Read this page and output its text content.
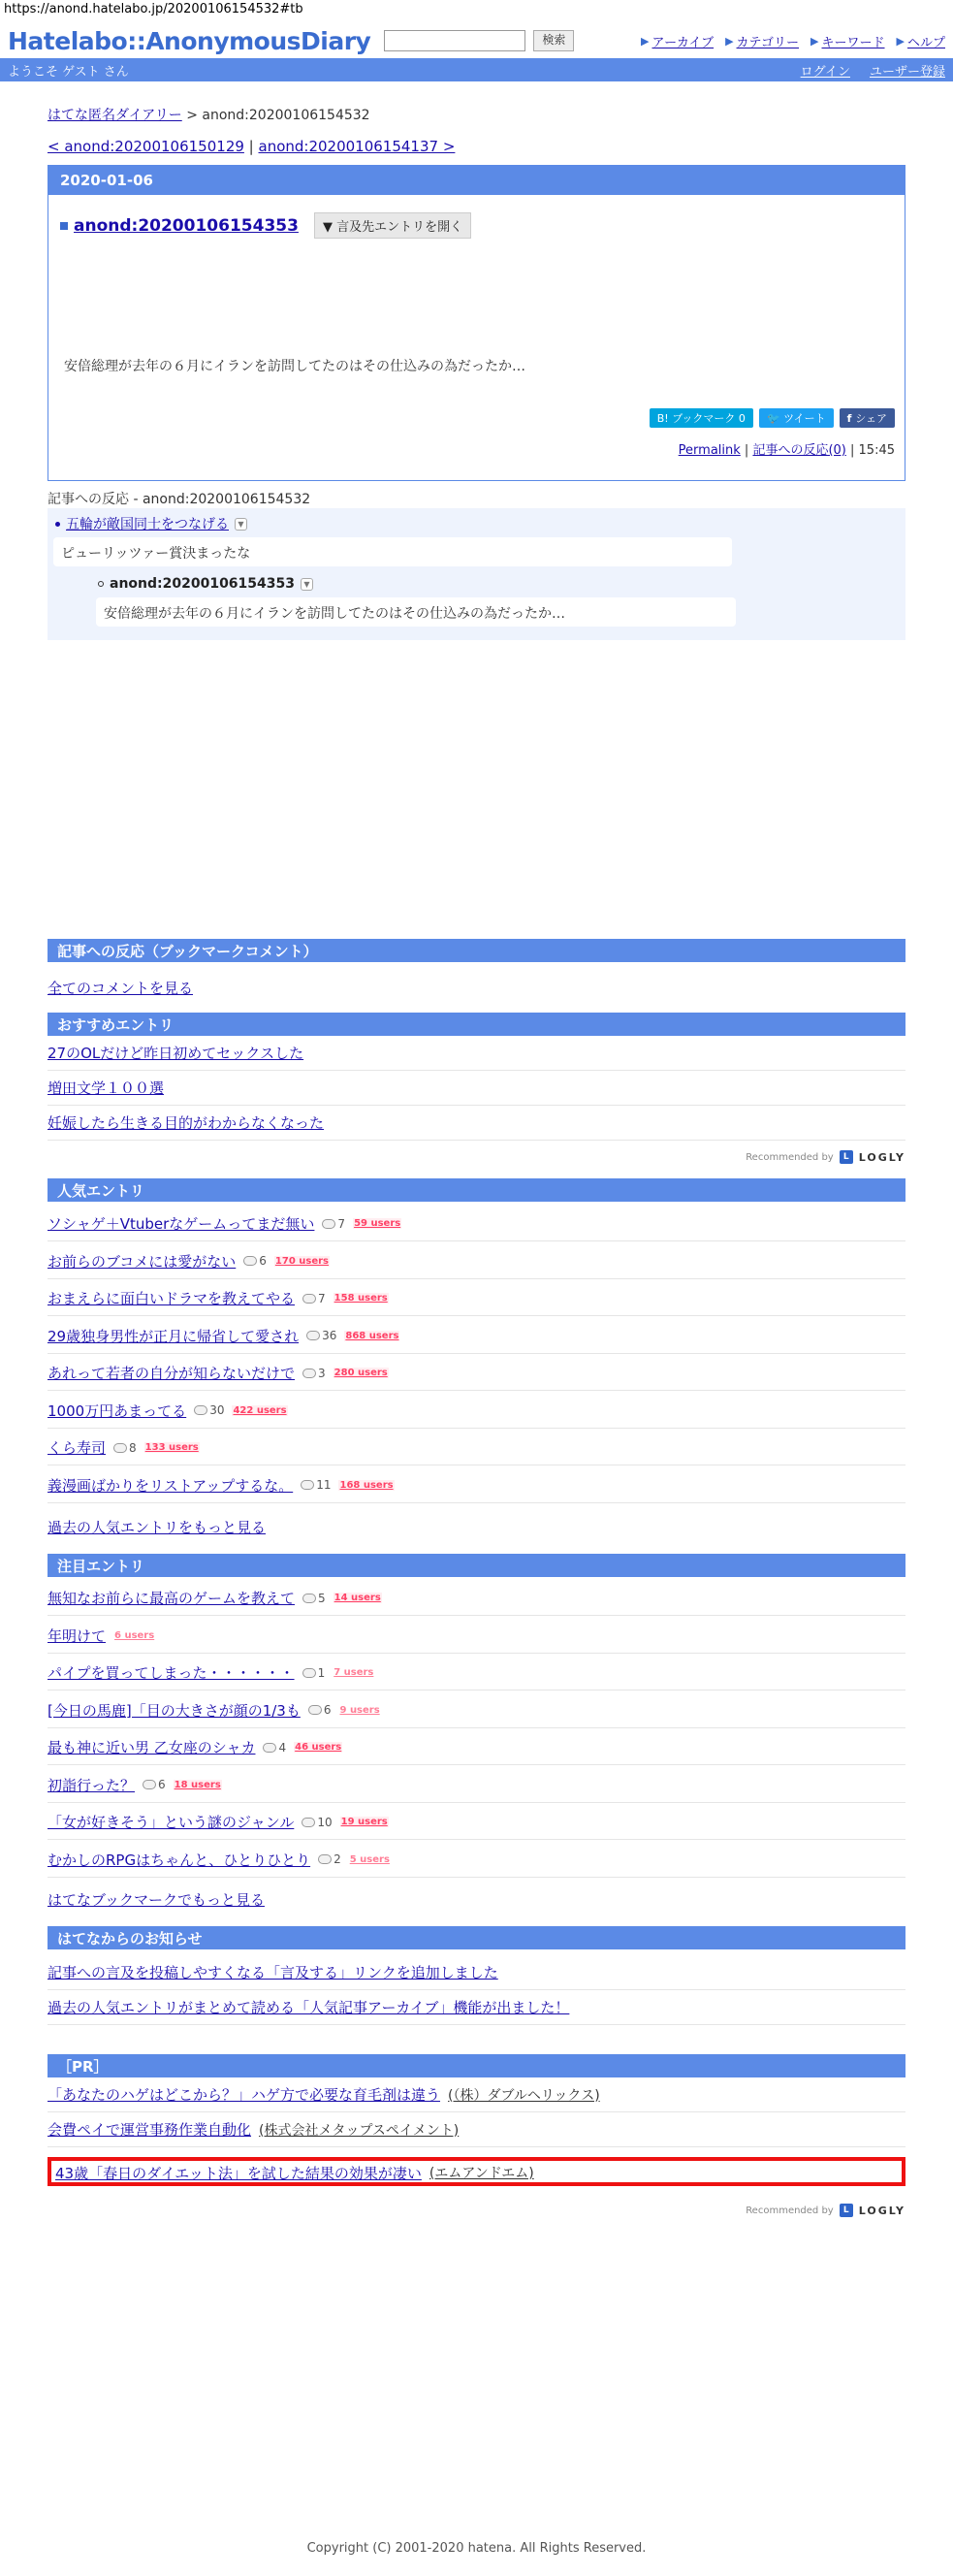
https://anond.hatelabo.jp/20200106154532#tb
Hatelabo::AnonymousDiary	検索	▶ アーカイブ ▶ カテゴリー ▶ キーワード ▶ ヘルプ
ようこそ ゲスト さん	ログイン ユーザー登録
はてな匿名ダイアリー > anond:20200106154532
< anond:20200106150129 | anond:20200106154137 >
2020-01-06
anond:20200106154353	▼ 言及先エントリを開く
安倍総理が去年の６月にイランを訪問してたのはその仕込みの為だったか…
B! ブックマーク 0	🐦 ツイート f シェア
Permalink | 記事への反応(0) | 15:45
記事への反応 - anond:20200106154532
五輪が敵国同士をつなげる	▼
ピューリッツァー賞決まったな
anond:20200106154353	▼
安倍総理が去年の６月にイランを訪問してたのはその仕込みの為だったか…
記事への反応（ブックマークコメント）
全てのコメントを見る
おすすめエントリ
27のOLだけど昨日初めてセックスした
増田文学１００選
妊娠したら生きる目的がわからなくなった
Recommended by	L LOGLY
人気エントリ
ソシャゲ＋Vtuberなゲームってまだ無い 7 59 users
お前らのブコメには愛がない 6 170 users
おまえらに面白いドラマを教えてやる 7 158 users
29歳独身男性が正月に帰省して愛され 36 868 users
あれって若者の自分が知らないだけで 3 280 users
1000万円あまってる 30 422 users
くら寿司 8 133 users
義漫画ばかりをリストアップするな。 11 168 users
過去の人気エントリをもっと見る
注目エントリ
無知なお前らに最高のゲームを教えて 5 14 users
年明けて 6 users
パイプを買ってしまった・・・・・・ 1 7 users
[今日の馬鹿]「目の大きさが顔の1/3も 6 9 users
最も神に近い男 乙女座のシャカ 4 46 users
初詣行った？ 6 18 users
「女が好きそう」という謎のジャンル 10 19 users
むかしのRPGはちゃんと、ひとりひとり 2 5 users
はてなブックマークでもっと見る
はてなからのお知らせ
記事への言及を投稿しやすくなる「言及する」リンクを追加しました
過去の人気エントリがまとめて読める「人気記事アーカイブ」機能が出ました！
［PR］
「あなたのハゲはどこから？」ハゲ方で必要な育毛剤は違う (（株）ダブルヘリックス)
会費ペイで運営事務作業自動化 (株式会社メタップスペイメント)
43歳「春日のダイエット法」を試した結果の効果が凄い (エムアンドエム)
Recommended by	L LOGLY
Copyright (C) 2001-2020 hatena. All Rights Reserved.
